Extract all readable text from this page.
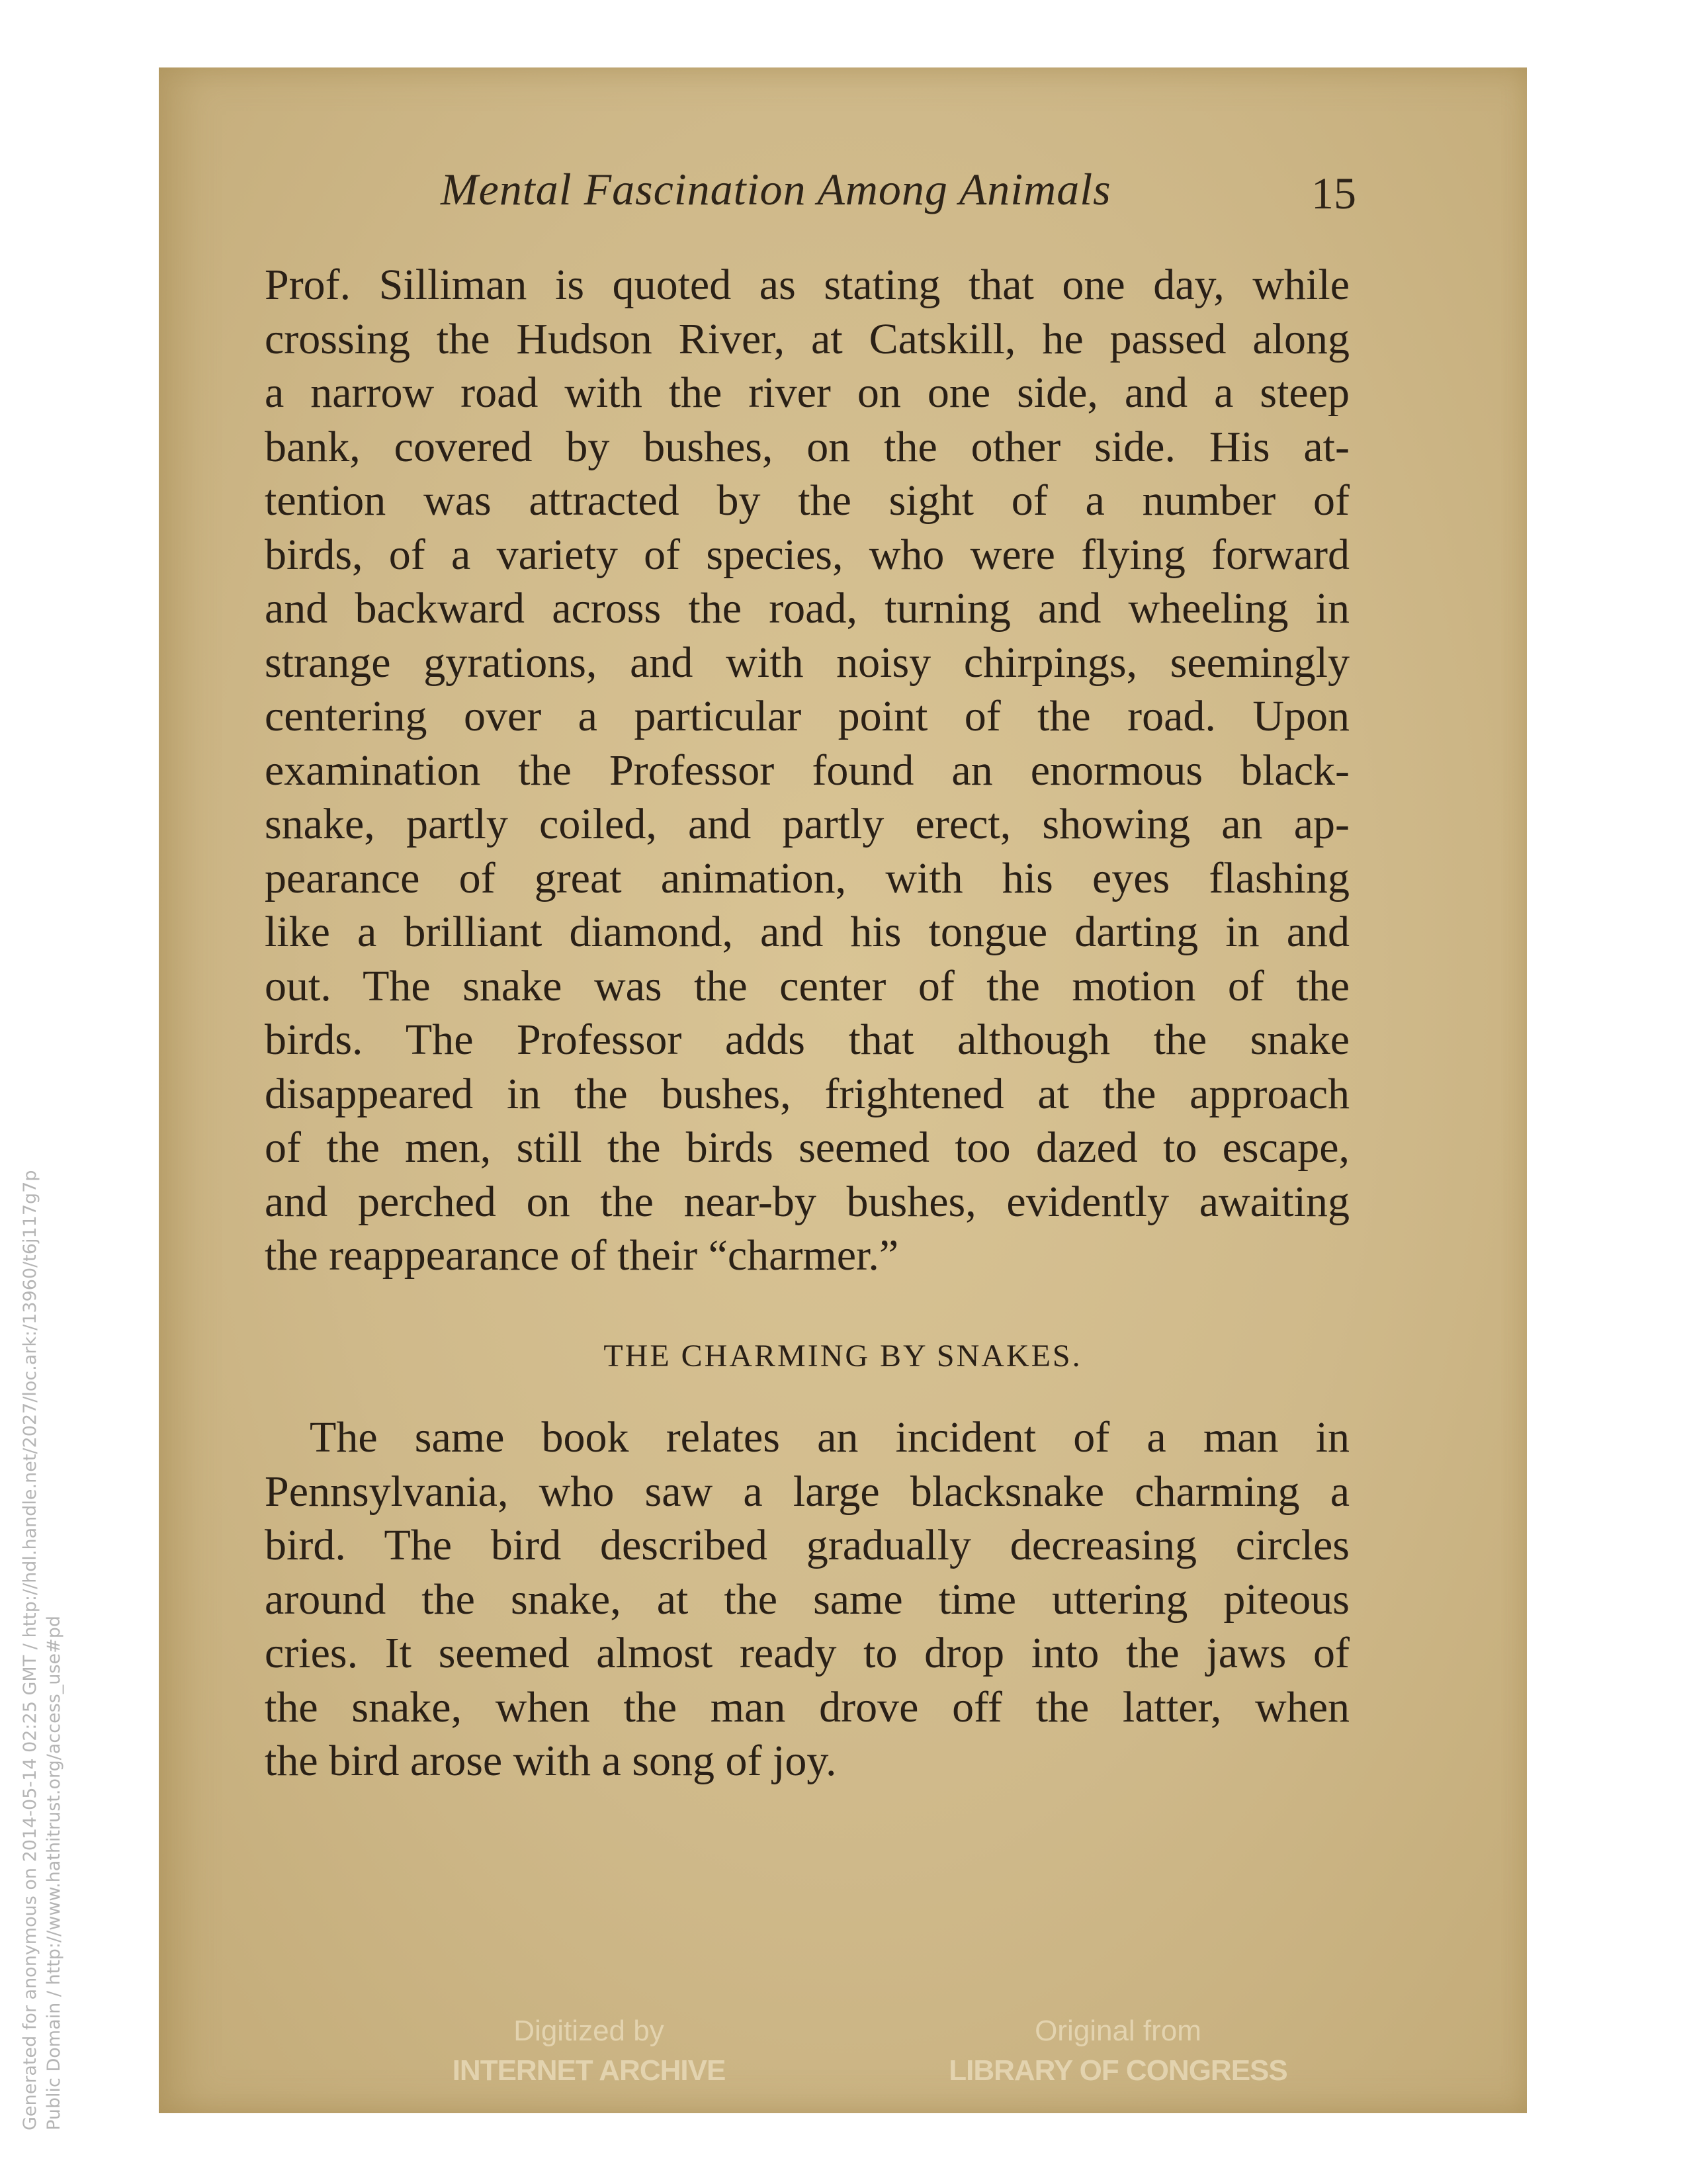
Generated for anonymous on 2014-05-14 02:25 GMT / http://hdl.handle.net/2027/loc.ark:/13960/t6j117g7p Public Domain / http://www.hathitrust.org/access_use#pd
Mental Fascination Among Animals	15
Prof. Silliman is quoted as stating that one day, while
crossing the Hudson River, at Catskill, he passed along
a narrow road with the river on one side, and a steep
bank, covered by bushes, on the other side. His at-
tention was attracted by the sight of a number of
birds, of a variety of species, who were flying forward
and backward across the road, turning and wheeling in
strange gyrations, and with noisy chirpings, seemingly
centering over a particular point of the road. Upon
examination the Professor found an enormous black-
snake, partly coiled, and partly erect, showing an ap-
pearance of great animation, with his eyes flashing
like a brilliant diamond, and his tongue darting in and
out. The snake was the center of the motion of the
birds. The Professor adds that although the snake
disappeared in the bushes, frightened at the approach
of the men, still the birds seemed too dazed to escape,
and perched on the near-by bushes, evidently awaiting
the reappearance of their “charmer.”
THE CHARMING BY SNAKES.
The same book relates an incident of a man in
Pennsylvania, who saw a large blacksnake charming a
bird. The bird described gradually decreasing circles
around the snake, at the same time uttering piteous
cries. It seemed almost ready to drop into the jaws of
the snake, when the man drove off the latter, when
the bird arose with a song of joy.
Digitized by
INTERNET ARCHIVE
Original from
LIBRARY OF CONGRESS
